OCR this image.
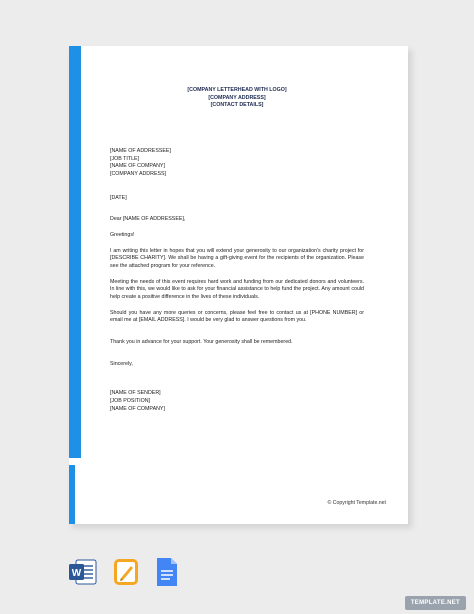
[COMPANY LETTERHEAD WITH LOGO]
[COMPANY ADDRESS]
[CONTACT DETAILS]
[NAME OF ADDRESSEE]
[JOB TITLE]
[NAME OF COMPANY]
[COMPANY ADDRESS]
[DATE]
Dear [NAME OF ADDRESSEE],
Greetings!
I am writing this letter in hopes that you will extend your generosity to our organization's charity project for [DESCRIBE CHARITY]. We shall be having a gift-giving event for the recipients of the organization. Please see the attached program for your reference.
Meeting the needs of this event requires hard work and funding from our dedicated donors and volunteers. In line with this, we would like to ask for your financial assistance to help fund the project. Any amount could help create a positive difference in the lives of these individuals.
Should you have any more queries or concerns, please feel free to contact us at [PHONE NUMBER] or email me at [EMAIL ADDRESS]. I would be very glad to answer questions from you.
Thank you in advance for your support. Your generosity shall be remembered.
Sincerely,
[NAME OF SENDER]
[JOB POSITION]
[NAME OF COMPANY]
© Copyright Template.net
W
TEMPLATE.NET
